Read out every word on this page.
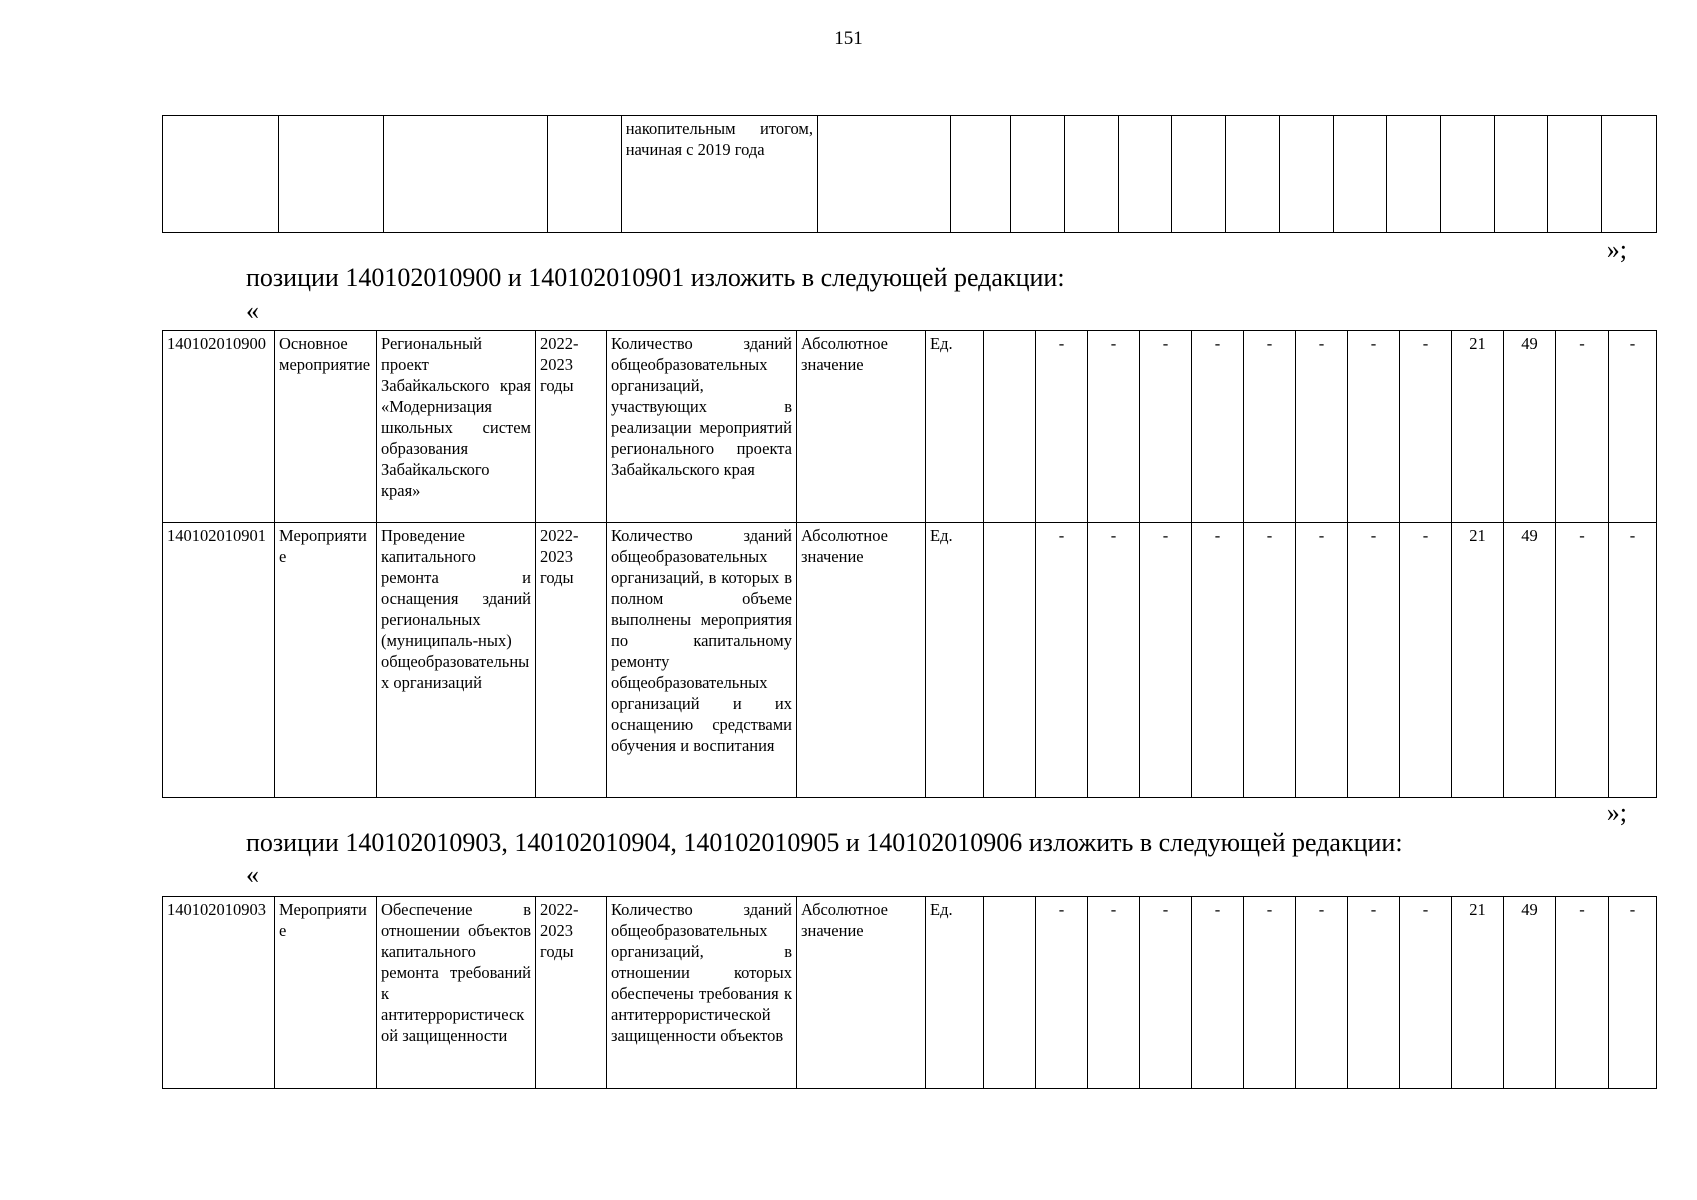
151
				накопительным итогом, начиная с 2019 года														
»;
позиции 140102010900 и 140102010901 изложить в следующей редакции:
«
140102010900	Основное мероприятие	Региональный проект Забайкальского края «Модернизация школьных систем образования Забайкальского края»	2022-2023 годы	Количество зданий общеобразовательных организаций, участвующих в реализации мероприятий регионального проекта Забайкальского края	Абсолютное значение	Ед.		-	-	-	-	-	-	-	-	21	49	-	-
140102010901	Мероприятие	Проведение капитального ремонта и оснащения зданий региональных (муниципаль-ных) общеобразовательных организаций	2022-2023 годы	Количество зданий общеобразовательных организаций, в которых в полном объеме выполнены мероприятия по капитальному ремонту общеобразовательных организаций и их оснащению средствами обучения и воспитания	Абсолютное значение	Ед.		-	-	-	-	-	-	-	-	21	49	-	-
»;
позиции 140102010903, 140102010904, 140102010905 и 140102010906 изложить в следующей редакции:
«
140102010903	Мероприятие	Обеспечение в отношении объектов капитального ремонта требований к антитеррористической защищенности	2022-2023 годы	Количество зданий общеобразовательных организаций, в отношении которых обеспечены требования к антитеррористической защищенности объектов	Абсолютное значение	Ед.		-	-	-	-	-	-	-	-	21	49	-	-
